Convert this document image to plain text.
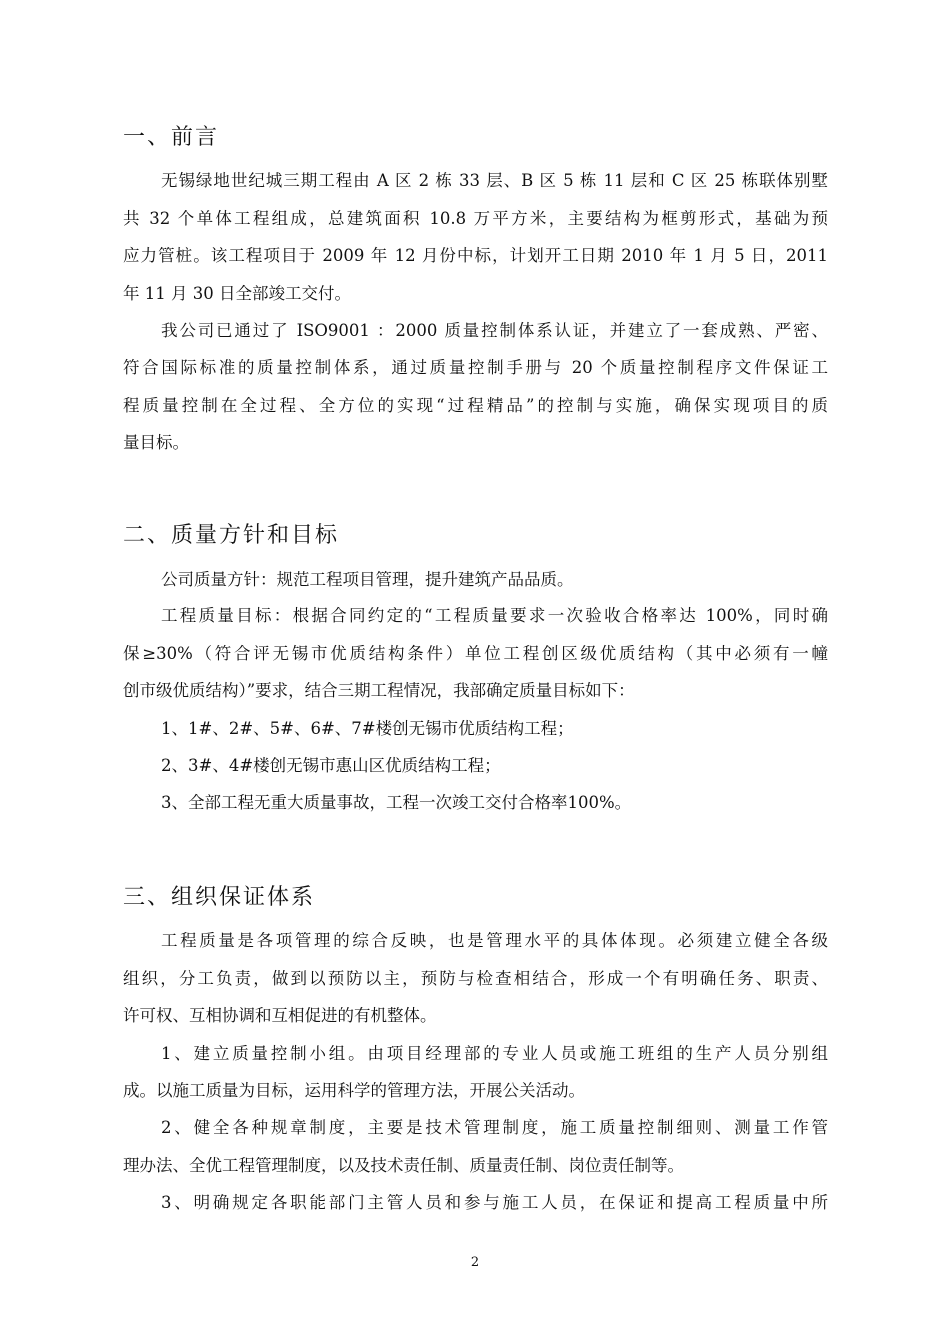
一、前言
无锡绿地世纪城三期工程由 A 区 2 栋 33 层、B 区 5 栋 11 层和 C 区 25 栋联体别墅
共 32 个单体工程组成，总建筑面积 10.8 万平方米，主要结构为框剪形式，基础为预
应力管桩。该工程项目于 2009 年 12 月份中标，计划开工日期 2010 年 1 月 5 日，2011
年 11 月 30 日全部竣工交付。
我公司已通过了 ISO9001 ：2000 质量控制体系认证，并建立了一套成熟、严密、
符合国际标准的质量控制体系，通过质量控制手册与 20 个质量控制程序文件保证工
程质量控制在全过程、全方位的实现“过程精品”的控制与实施，确保实现项目的质
量目标。
二、质量方针和目标
公司质量方针：规范工程项目管理，提升建筑产品品质。
工程质量目标：根据合同约定的“工程质量要求一次验收合格率达 100%，同时确
保≥30%（符合评无锡市优质结构条件）单位工程创区级优质结构（其中必须有一幢
创市级优质结构）”要求，结合三期工程情况，我部确定质量目标如下：
1、1#、2#、5#、6#、7#楼创无锡市优质结构工程；
2、3#、4#楼创无锡市惠山区优质结构工程；
3、全部工程无重大质量事故，工程一次竣工交付合格率100%。
三、组织保证体系
工程质量是各项管理的综合反映，也是管理水平的具体体现。必须建立健全各级
组织，分工负责，做到以预防以主，预防与检查相结合，形成一个有明确任务、职责、
许可权、互相协调和互相促进的有机整体。
1、建立质量控制小组。由项目经理部的专业人员或施工班组的生产人员分别组
成。以施工质量为目标，运用科学的管理方法，开展公关活动。
2、健全各种规章制度，主要是技术管理制度，施工质量控制细则、测量工作管
理办法、全优工程管理制度，以及技术责任制、质量责任制、岗位责任制等。
3、明确规定各职能部门主管人员和参与施工人员，在保证和提高工程质量中所
2
